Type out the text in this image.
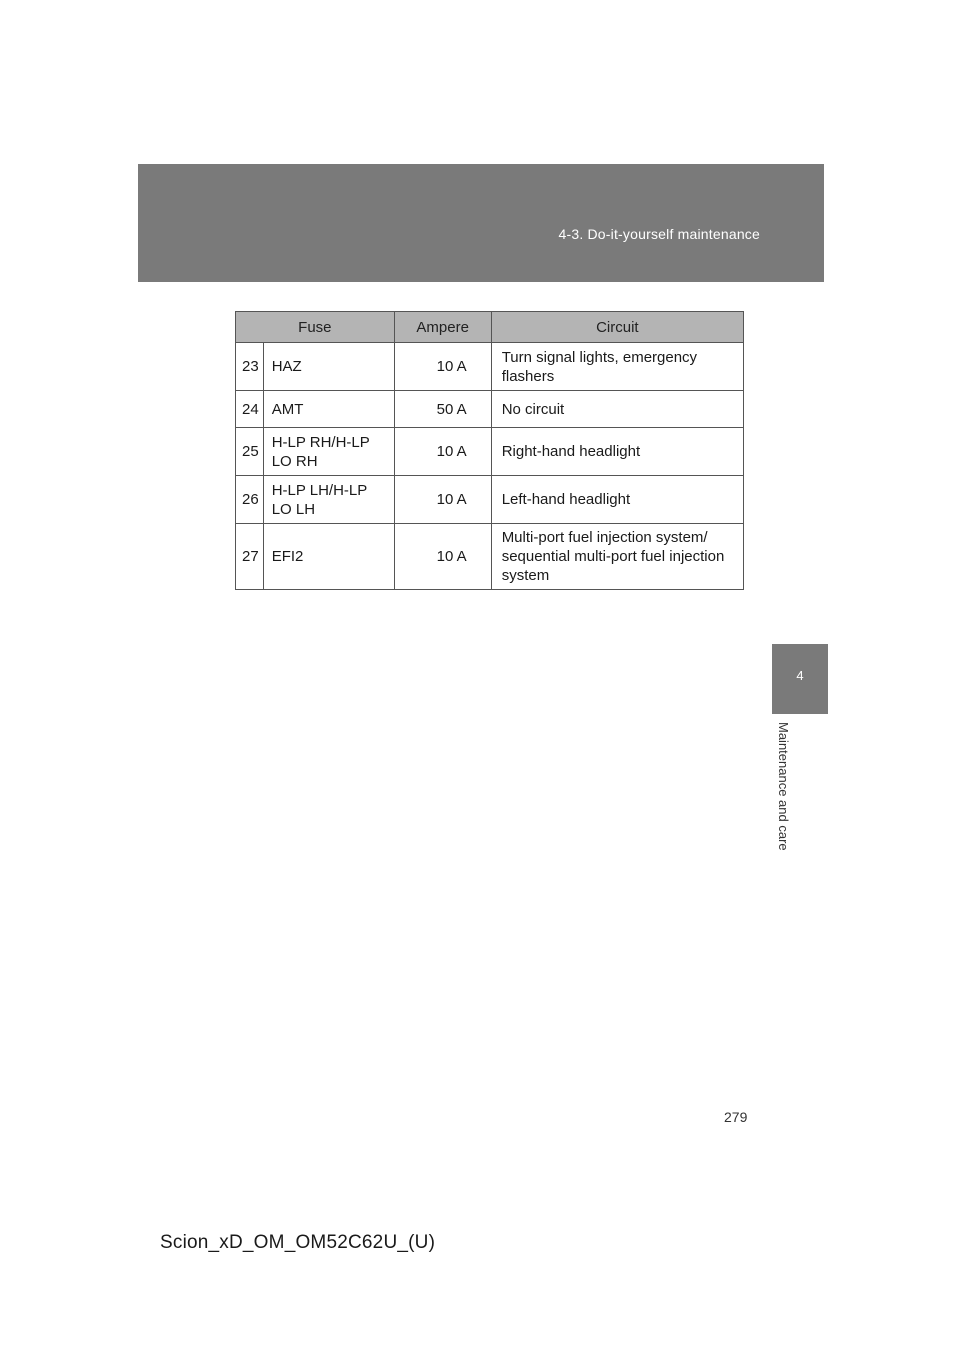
4-3. Do-it-yourself maintenance
4
Maintenance and care
Fuse		Ampere	Circuit
23	HAZ	10 A	Turn signal lights, emergency flashers
24	AMT	50 A	No circuit
25	H-LP RH/H-LP LO RH	10 A	Right-hand headlight
26	H-LP LH/H-LP LO LH	10 A	Left-hand headlight
27	EFI2	10 A	Multi-port fuel injection system/ sequential multi-port fuel injection system
279
Scion_xD_OM_OM52C62U_(U)
